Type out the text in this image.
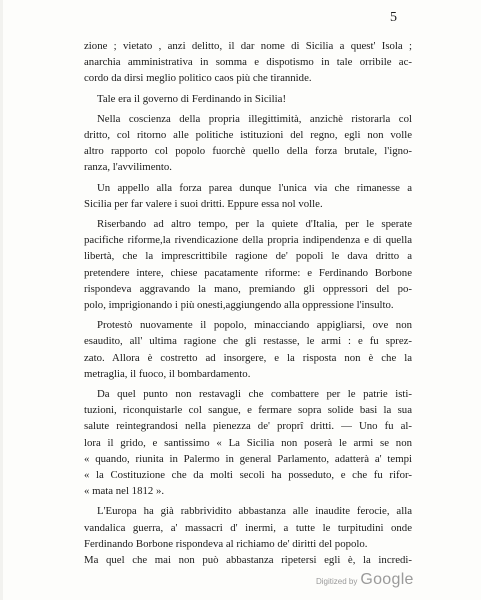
5
zione ; vietato , anzi delitto, il dar nome di Sicilia a quest' Isola ;
anarchia amministrativa in somma e dispotismo in tale orribile ac-
cordo da dirsi meglio politico caos più che tirannide.
Tale era il governo di Ferdinando in Sicilia!
Nella coscienza della propria illegittimità, anzichè ristorarla col
dritto, col ritorno alle politiche istituzioni del regno, egli non volle
altro rapporto col popolo fuorchè quello della forza brutale, l'igno-
ranza, l'avvilimento.
Un appello alla forza parea dunque l'unica via che rimanesse a
Sicilia per far valere i suoi dritti. Eppure essa nol volle.
Riserbando ad altro tempo, per la quiete d'Italia, per le sperate
pacifiche riforme,la rivendicazione della propria indipendenza e di quella
libertà, che la imprescrittibile ragione de' popoli le dava dritto a
pretendere intere, chiese pacatamente riforme: e Ferdinando Borbone
rispondeva aggravando la mano, premiando gli oppressori del po-
polo, imprigionando i più onesti,aggiungendo alla oppressione l'insulto.
Protestò nuovamente il popolo, minacciando appigliarsi, ove non
esaudito, all' ultima ragione che gli restasse, le armi : e fu sprez-
zato. Allora è costretto ad insorgere, e la risposta non è che la
metraglia, il fuoco, il bombardamento.
Da quel punto non restavagli che combattere per le patrie isti-
tuzioni, riconquistarle col sangue, e fermare sopra solide basi la sua
salute reintegrandosi nella pienezza de' proprî dritti. — Uno fu al-
lora il grido, e santissimo « La Sicilia non poserà le armi se non
« quando, riunita in Palermo in general Parlamento, adatterà a' tempi
« la Costituzione che da molti secoli ha posseduto, e che fu rifor-
« mata nel 1812 ».
L'Europa ha già rabbrividito abbastanza alle inaudite ferocie, alla
vandalica guerra, a' massacri d' inermi, a tutte le turpitudini onde
Ferdinando Borbone rispondeva al richiamo de' diritti del popolo.
Ma quel che mai non può abbastanza ripetersi egli è, la incredi-
Digitized by Google
